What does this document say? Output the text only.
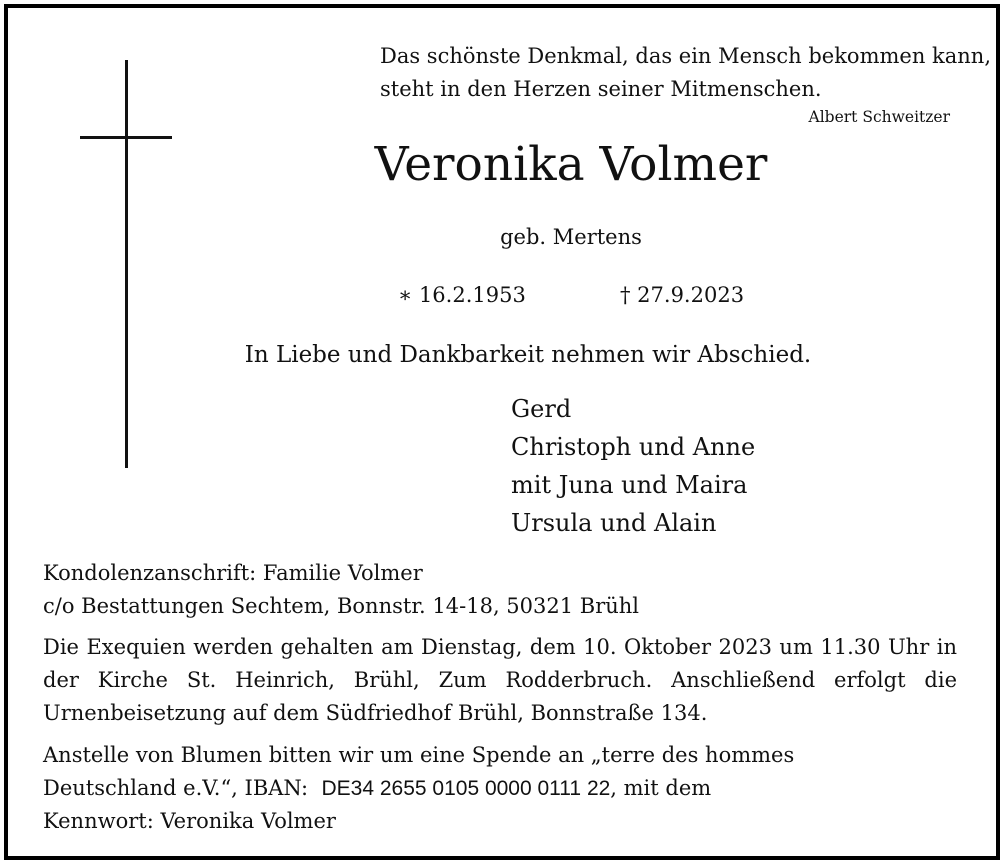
Das schönste Denkmal, das ein Mensch bekommen kann,
steht in den Herzen seiner Mitmenschen.
Albert Schweitzer
Veronika Volmer
geb. Mertens
∗ 16.2.1953	† 27.9.2023
In Liebe und Dankbarkeit nehmen wir Abschied.
Gerd
Christoph und Anne
mit Juna und Maira
Ursula und Alain
Kondolenzanschrift: Familie Volmer
c/o Bestattungen Sechtem, Bonnstr. 14-18, 50321 Brühl
Die Exequien werden gehalten am Dienstag, dem 10. Oktober 2023 um 11.30 Uhr in
der Kirche St. Heinrich, Brühl, Zum Rodderbruch. Anschließend erfolgt die
Urnenbeisetzung auf dem Südfriedhof Brühl, Bonnstraße 134.
Anstelle von Blumen bitten wir um eine Spende an „terre des hommes
Deutschland e.V.“, IBAN: DE34 2655 0105 0000 0111 22, mit dem
Kennwort: Veronika Volmer
